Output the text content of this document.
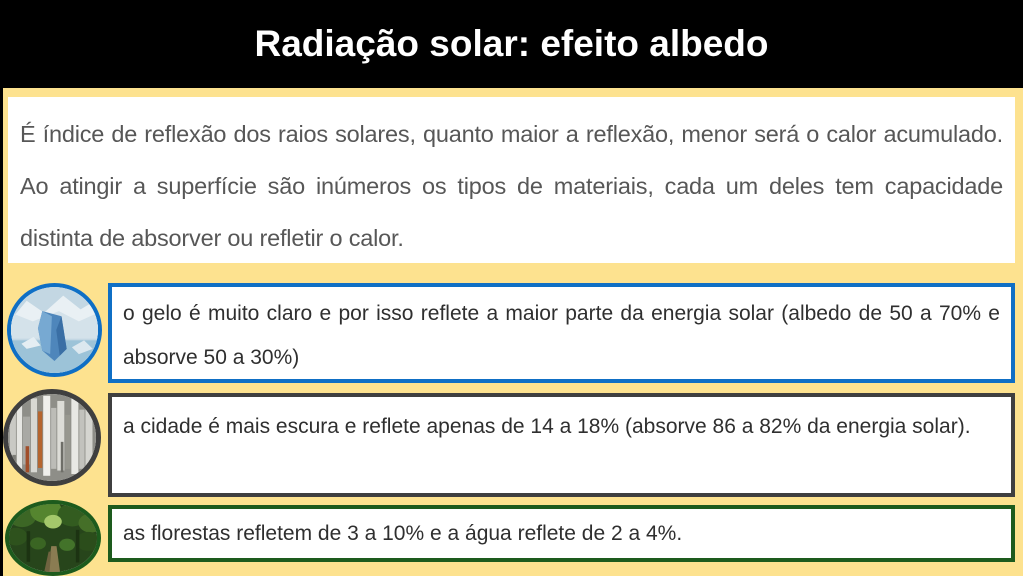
Radiação solar: efeito albedo
É índice de reflexão dos raios solares, quanto maior a reflexão, menor será o calor acumulado. Ao atingir a superfície são inúmeros os tipos de materiais, cada um deles tem capacidade distinta de absorver ou refletir o calor.
o gelo é muito claro e por isso reflete a maior parte da energia solar (albedo de 50 a 70% e absorve 50 a 30%)
a cidade é mais escura e reflete apenas de 14 a 18% (absorve 86 a 82% da energia solar).
as florestas refletem de 3 a 10% e a água reflete de 2 a 4%.
